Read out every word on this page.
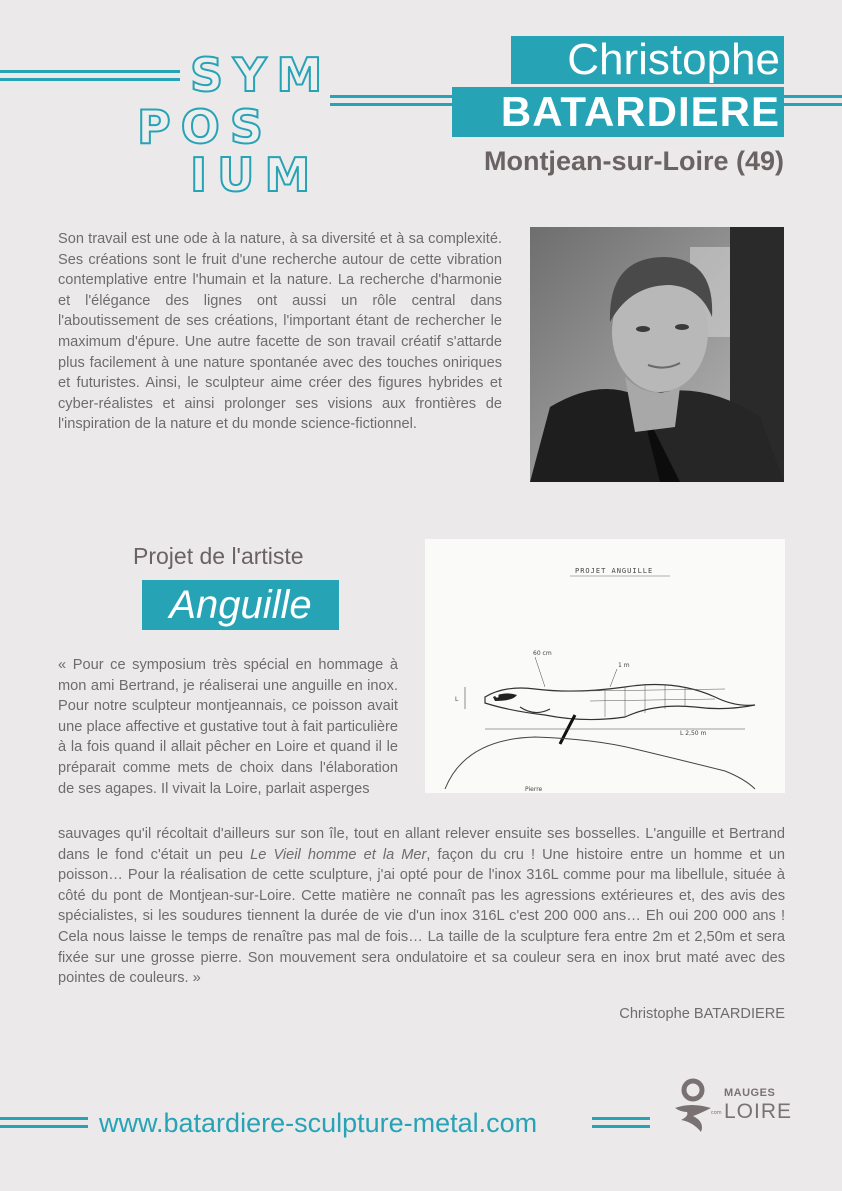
SYM
POS
IUM
Christophe
BATARDIERE
Montjean-sur-Loire (49)
Son travail est une ode à la nature, à sa diversité et à sa complexité. Ses créations sont le fruit d'une recherche autour de cette vibration contemplative entre l'humain et la nature. La recherche d'harmonie et l'élégance des lignes ont aussi un rôle central dans l'aboutissement de ses créations, l'important étant de rechercher le maximum d'épure. Une autre facette de son travail créatif s'attarde plus facilement à une nature spontanée avec des touches oniriques et futuristes. Ainsi, le sculpteur aime créer des figures hybrides et cyber-réalistes et ainsi prolonger ses visions aux frontières de l'inspiration de la nature et du monde science-fictionnel.
Projet de l'artiste
Anguille
PROJET ANGUILLE
60 cm
1 m
L
L 2,50 m
Pierre
« Pour ce symposium très spécial en hommage à mon ami Bertrand, je réaliserai une anguille en inox. Pour notre sculpteur montjeannais, ce poisson avait une place affective et gustative tout à fait particulière à la fois quand il allait pêcher en Loire et quand il le préparait comme mets de choix dans l'élaboration de ses agapes. Il vivait la Loire, parlait asperges
sauvages qu'il récoltait d'ailleurs sur son île, tout en allant relever ensuite ses bosselles. L'anguille et Bertrand dans le fond c'était un peu Le Vieil homme et la Mer, façon du cru ! Une histoire entre un homme et un poisson… Pour la réalisation de cette sculpture, j'ai opté pour de l'inox 316L comme pour ma libellule, située à côté du pont de Montjean-sur-Loire. Cette matière ne connaît pas les agressions extérieures et, des avis des spécialistes, si les soudures tiennent la durée de vie d'un inox 316L c'est 200 000 ans… Eh oui 200 000 ans ! Cela nous laisse le temps de renaître pas mal de fois… La taille de la sculpture fera entre 2m et 2,50m et sera fixée sur une grosse pierre. Son mouvement sera ondulatoire et sa couleur sera en inox brut maté avec des pointes de couleurs. »
Christophe BATARDIERE
www.batardiere-sculpture-metal.com	com
MAUGES
LOIRE
